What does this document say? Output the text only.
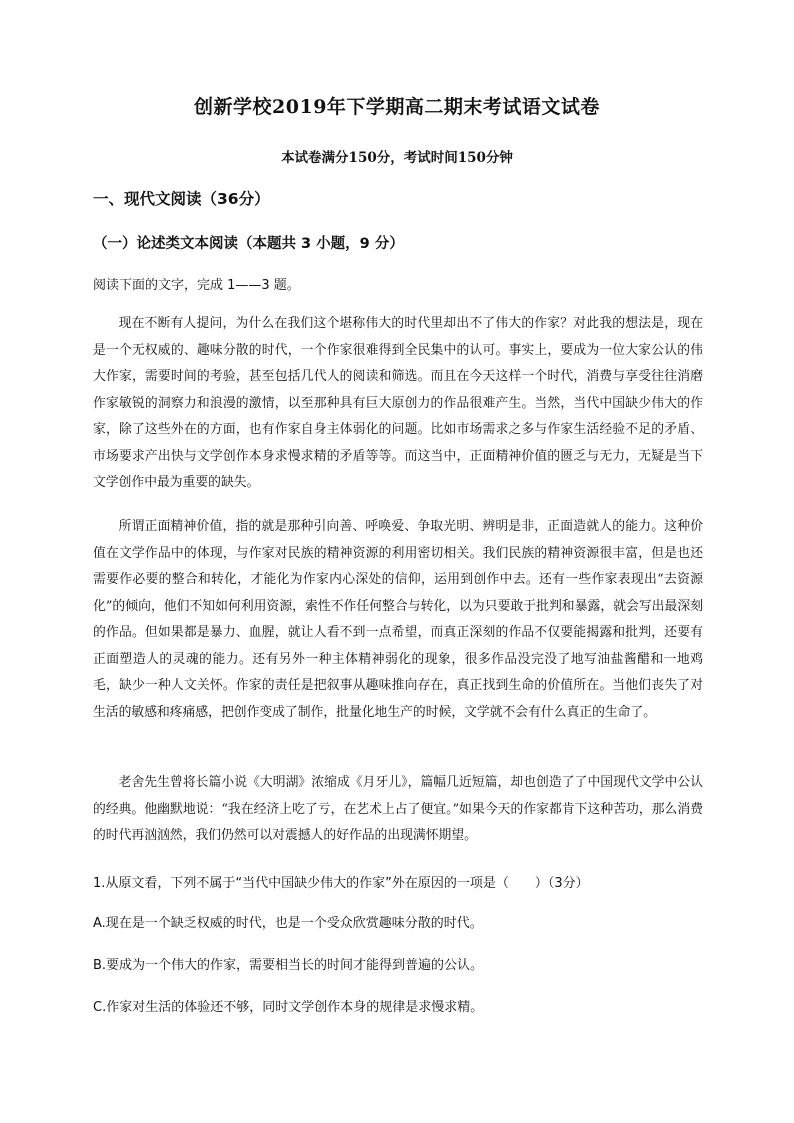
创新学校2019年下学期高二期末考试语文试卷
本试卷满分150分，考试时间150分钟
一、现代文阅读（36分）
（一）论述类文本阅读（本题共 3 小题，9 分）
阅读下面的文字，完成 1——3 题。

现在不断有人提问，为什么在我们这个堪称伟大的时代里却出不了伟大的作家？对此我的想法是，现在是一个无权威的、趣味分散的时代，一个作家很难得到全民集中的认可。事实上，要成为一位大家公认的伟大作家，需要时间的考验，甚至包括几代人的阅读和筛选。而且在今天这样一个时代，消费与享受往往消磨作家敏锐的洞察力和浪漫的激情，以至那种具有巨大原创力的作品很难产生。当然，当代中国缺少伟大的作家，除了这些外在的方面，也有作家自身主体弱化的问题。比如市场需求之多与作家生活经验不足的矛盾、市场要求产出快与文学创作本身求慢求精的矛盾等等。而这当中，正面精神价值的匮乏与无力，无疑是当下文学创作中最为重要的缺失。

所谓正面精神价值，指的就是那种引向善、呼唤爱、争取光明、辨明是非，正面造就人的能力。这种价值在文学作品中的体现，与作家对民族的精神资源的利用密切相关。我们民族的精神资源很丰富，但是也还需要作必要的整合和转化，才能化为作家内心深处的信仰，运用到创作中去。还有一些作家表现出“去资源化”的倾向，他们不知如何利用资源，索性不作任何整合与转化，以为只要敢于批判和暴露，就会写出最深刻的作品。但如果都是暴力、血腥，就让人看不到一点希望，而真正深刻的作品不仅要能揭露和批判，还要有正面塑造人的灵魂的能力。还有另外一种主体精神弱化的现象，很多作品没完没了地写油盐酱醋和一地鸡毛，缺少一种人文关怀。作家的责任是把叙事从趣味推向存在，真正找到生命的价值所在。当他们丧失了对生活的敏感和疼痛感，把创作变成了制作，批量化地生产的时候，文学就不会有什么真正的生命了。

老舍先生曾将长篇小说《大明湖》浓缩成《月牙儿》，篇幅几近短篇，却也创造了了中国现代文学中公认的经典。他幽默地说：“我在经济上吃了亏，在艺术上占了便宜。”如果今天的作家都肯下这种苦功，那么消费的时代再汹汹然，我们仍然可以对震撼人的好作品的出现满怀期望。

1.从原文看，下列不属于“当代中国缺少伟大的作家”外在原因的一项是（　　）（3分）
A.现在是一个缺乏权威的时代，也是一个受众欣赏趣味分散的时代。
B.要成为一个伟大的作家，需要相当长的时间才能得到普遍的公认。
C.作家对生活的体验还不够，同时文学创作本身的规律是求慢求精。
